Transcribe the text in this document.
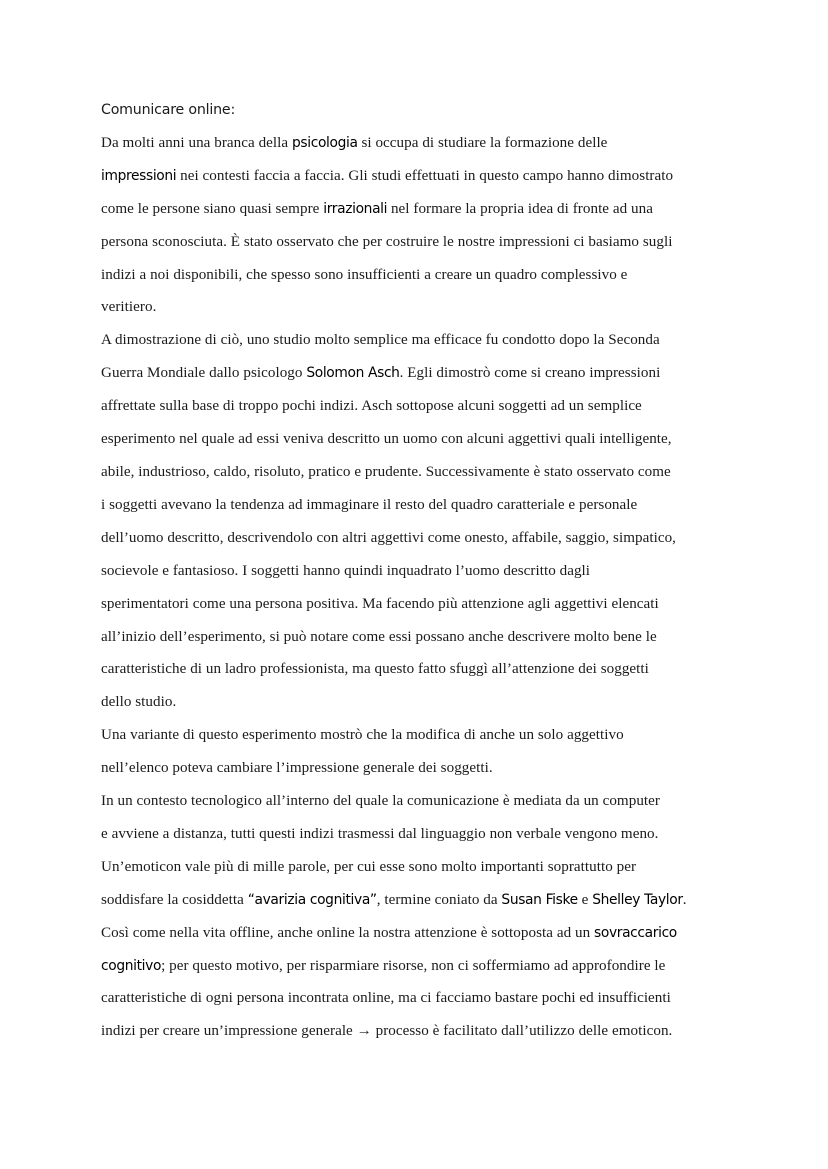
Comunicare online:

Da molti anni una branca della psicologia si occupa di studiare la formazione delle
impressioni nei contesti faccia a faccia. Gli studi effettuati in questo campo hanno dimostrato
come le persone siano quasi sempre irrazionali nel formare la propria idea di fronte ad una
persona sconosciuta. È stato osservato che per costruire le nostre impressioni ci basiamo sugli
indizi a noi disponibili, che spesso sono insufficienti a creare un quadro complessivo e
veritiero.

A dimostrazione di ciò, uno studio molto semplice ma efficace fu condotto dopo la Seconda
Guerra Mondiale dallo psicologo Solomon Asch. Egli dimostrò come si creano impressioni
affrettate sulla base di troppo pochi indizi. Asch sottopose alcuni soggetti ad un semplice
esperimento nel quale ad essi veniva descritto un uomo con alcuni aggettivi quali intelligente,
abile, industrioso, caldo, risoluto, pratico e prudente. Successivamente è stato osservato come
i soggetti avevano la tendenza ad immaginare il resto del quadro caratteriale e personale
dell’uomo descritto, descrivendolo con altri aggettivi come onesto, affabile, saggio, simpatico,
socievole e fantasioso. I soggetti hanno quindi inquadrato l’uomo descritto dagli
sperimentatori come una persona positiva. Ma facendo più attenzione agli aggettivi elencati
all’inizio dell’esperimento, si può notare come essi possano anche descrivere molto bene le
caratteristiche di un ladro professionista, ma questo fatto sfuggì all’attenzione dei soggetti
dello studio.

Una variante di questo esperimento mostrò che la modifica di anche un solo aggettivo
nell’elenco poteva cambiare l’impressione generale dei soggetti.

In un contesto tecnologico all’interno del quale la comunicazione è mediata da un computer
e avviene a distanza, tutti questi indizi trasmessi dal linguaggio non verbale vengono meno.
Un’emoticon vale più di mille parole, per cui esse sono molto importanti soprattutto per
soddisfare la cosiddetta “avarizia cognitiva”, termine coniato da Susan Fiske e Shelley Taylor.
Così come nella vita offline, anche online la nostra attenzione è sottoposta ad un sovraccarico
cognitivo; per questo motivo, per risparmiare risorse, non ci soffermiamo ad approfondire le
caratteristiche di ogni persona incontrata online, ma ci facciamo bastare pochi ed insufficienti
indizi per creare un’impressione generale → processo è facilitato dall’utilizzo delle emoticon.
